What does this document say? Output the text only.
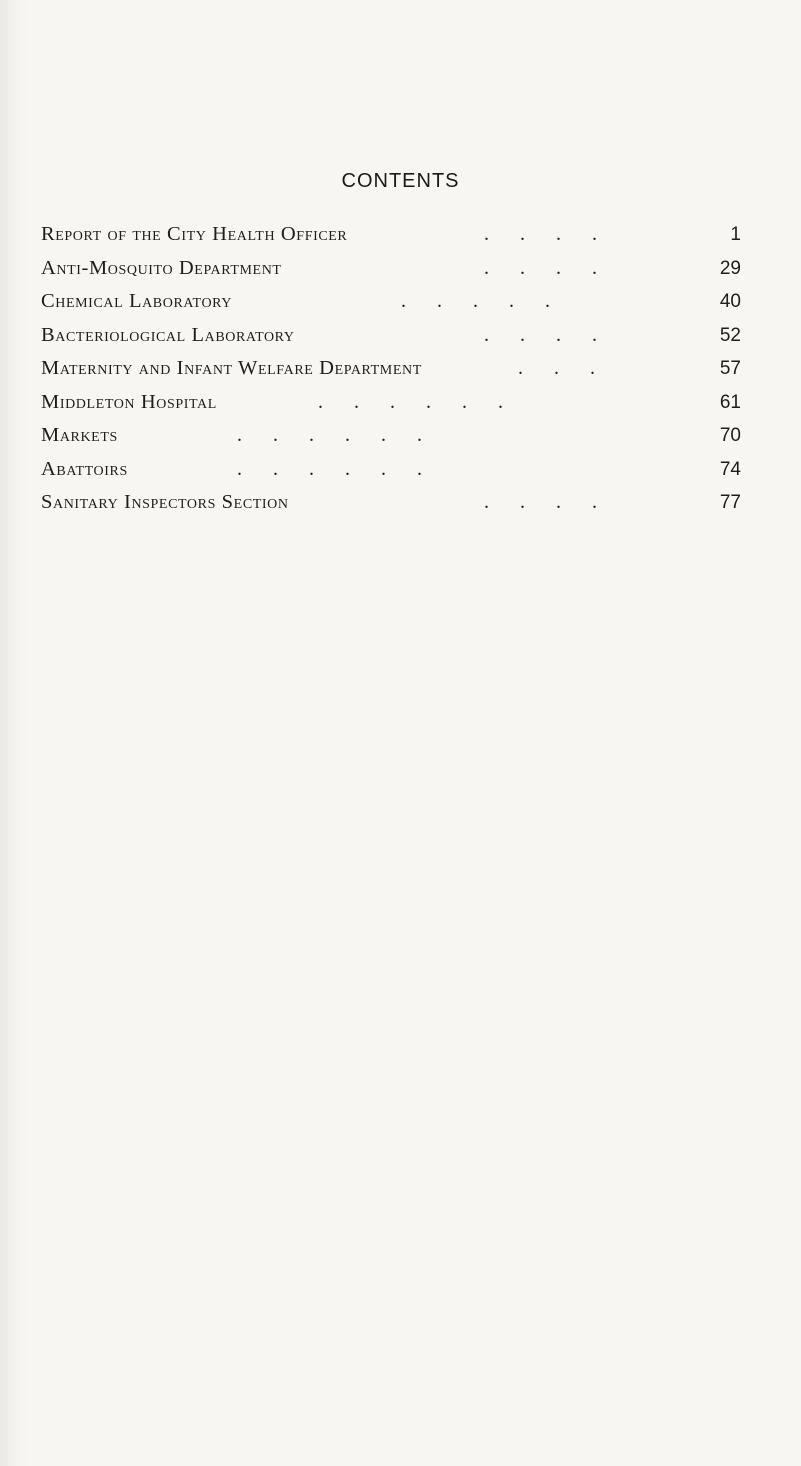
CONTENTS
Report of the City Health Officer	. . . .	1
Anti-Mosquito Department	. . . .	29
Chemical Laboratory	. . . . .	40
Bacteriological Laboratory	. . . .	52
Maternity and Infant Welfare Department	. . .	57
Middleton Hospital	. . . . . .	61
Markets	. . . . . .	70
Abattoirs	. . . . . .	74
Sanitary Inspectors Section	. . . .	77
